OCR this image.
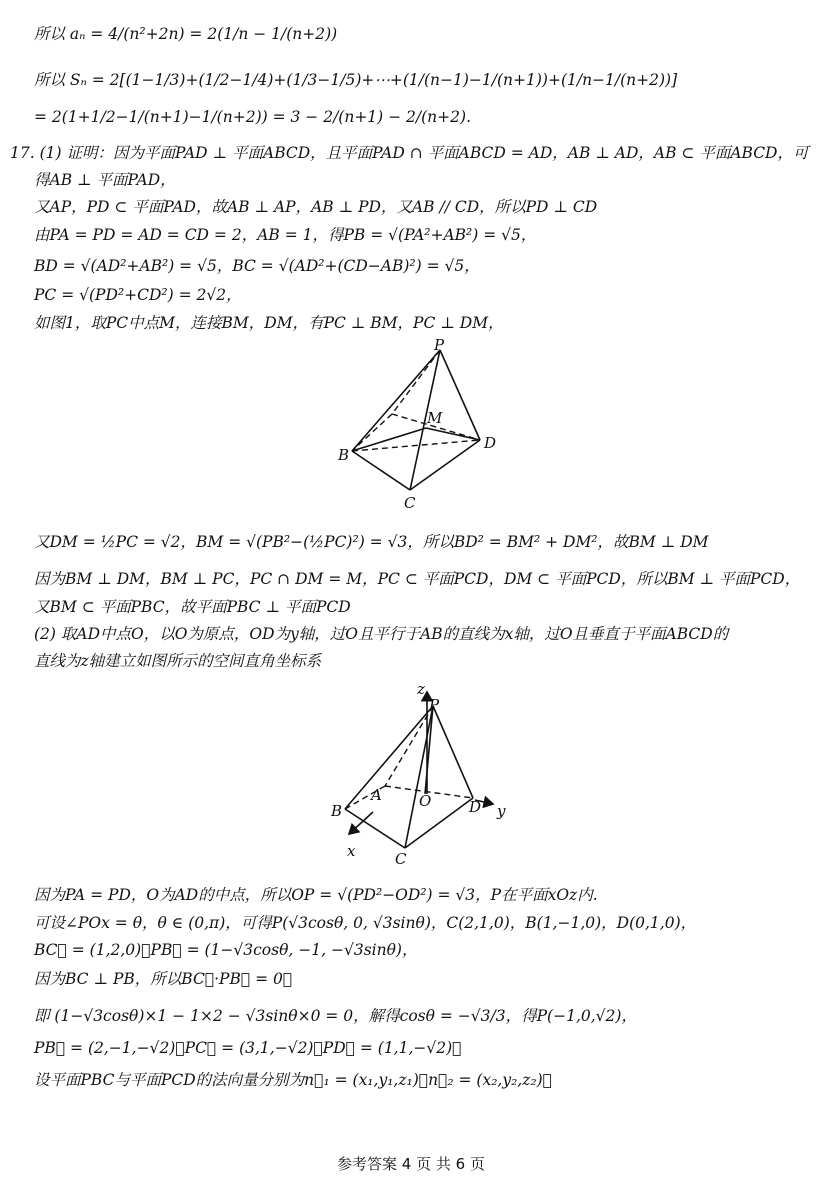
所以 aₙ = 4/(n²+2n) = 2(1/n − 1/(n+2))
所以 Sₙ = 2[(1−1/3)+(1/2−1/4)+(1/3−1/5)+⋯+(1/(n−1)−1/(n+1))+(1/n−1/(n+2))]
= 2(1+1/2−1/(n+1)−1/(n+2)) = 3 − 2/(n+1) − 2/(n+2).
17. (1) 证明：因为平面PAD ⊥ 平面ABCD，且平面PAD ∩ 平面ABCD = AD，AB ⊥ AD，AB ⊂ 平面ABCD，可
得AB ⊥ 平面PAD，
又AP，PD ⊂ 平面PAD，故AB ⊥ AP，AB ⊥ PD，又AB // CD，所以PD ⊥ CD
由PA = PD = AD = CD = 2，AB = 1，得PB = √(PA²+AB²) = √5，
BD = √(AD²+AB²) = √5，BC = √(AD²+(CD−AB)²) = √5，
PC = √(PD²+CD²) = 2√2，
如图1，取PC中点M，连接BM，DM，有PC ⊥ BM，PC ⊥ DM，
P
M
B
D
C
又DM = ½PC = √2，BM = √(PB²−(½PC)²) = √3，所以BD² = BM² + DM²，故BM ⊥ DM
因为BM ⊥ DM，BM ⊥ PC，PC ∩ DM = M，PC ⊂ 平面PCD，DM ⊂ 平面PCD，所以BM ⊥ 平面PCD，
又BM ⊂ 平面PBC，故平面PBC ⊥ 平面PCD
(2) 取AD中点O，以O为原点，OD为y轴，过O且平行于AB的直线为x轴，过O且垂直于平面ABCD的
直线为z轴建立如图所示的空间直角坐标系
z
P
A O
B	D y
x	C
因为PA = PD，O为AD的中点，所以OP = √(PD²−OD²) = √3，P在平面xOz内.
可设∠POx = θ，θ ∈ (0,π)，可得P(√3cosθ, 0, √3sinθ)，C(2,1,0)，B(1,−1,0)，D(0,1,0)，
BC⃗ = (1,2,0)，PB⃗ = (1−√3cosθ, −1, −√3sinθ)，
因为BC ⊥ PB，所以BC⃗·PB⃗ = 0，
即 (1−√3cosθ)×1 − 1×2 − √3sinθ×0 = 0，解得cosθ = −√3/3，得P(−1,0,√2)，
PB⃗ = (2,−1,−√2)，PC⃗ = (3,1,−√2)，PD⃗ = (1,1,−√2)，
设平面PBC与平面PCD的法向量分别为n⃗₁ = (x₁,y₁,z₁)，n⃗₂ = (x₂,y₂,z₂)，
参考答案 4 页 共 6 页
